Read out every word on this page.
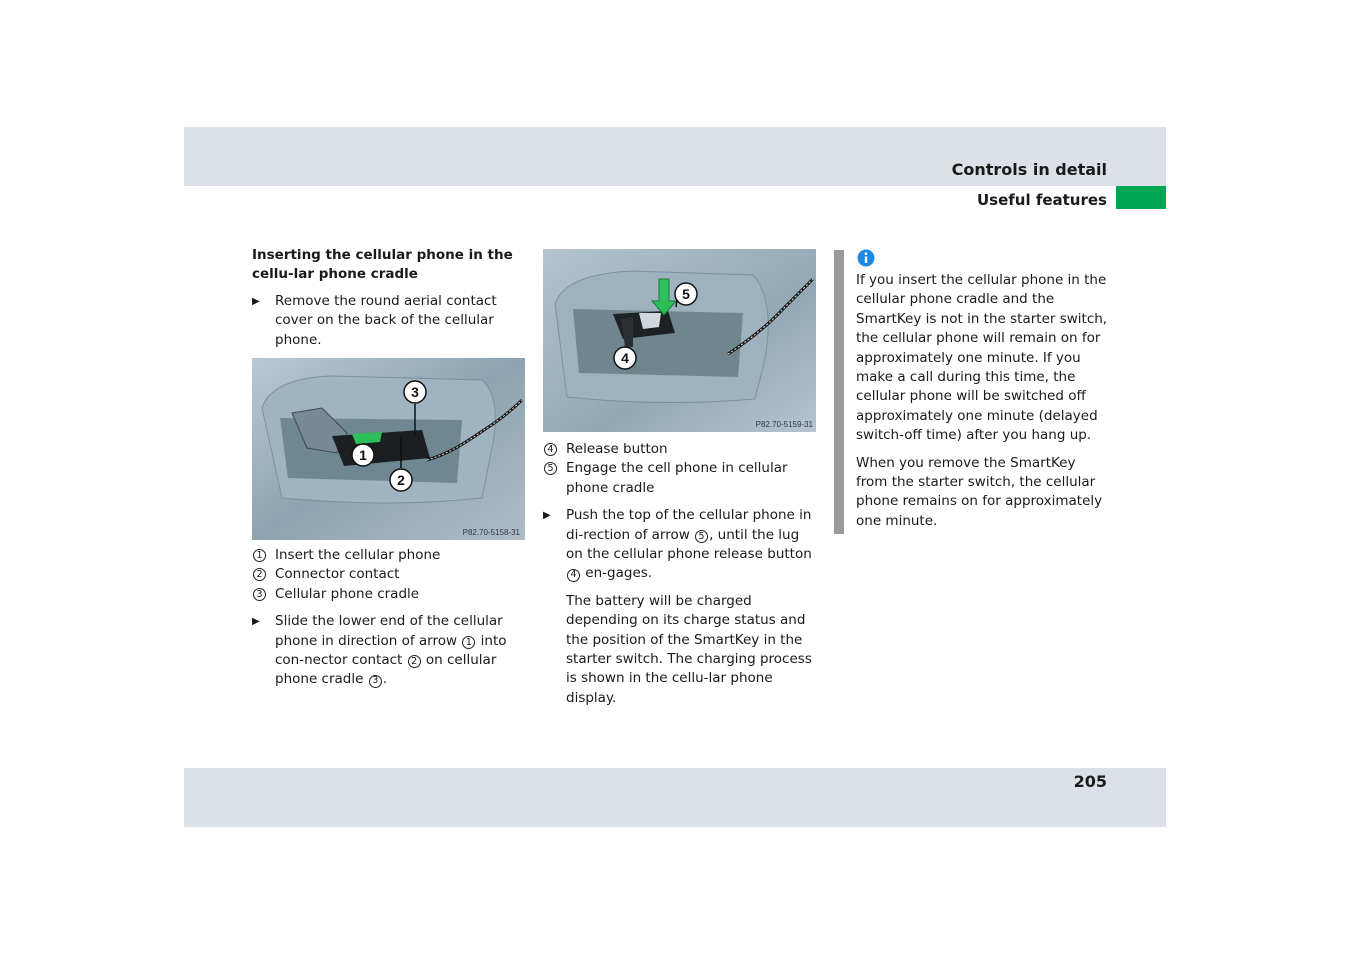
Controls in detail
Useful features
205
Inserting the cellular phone in the cellu-lar phone cradle
▶ Remove the round aerial contact cover on the back of the cellular phone.
1
2
3
P82.70-5158-31
1 Insert the cellular phone
2 Connector contact
3 Cellular phone cradle
▶ Slide the lower end of the cellular phone in direction of arrow 1 into con-nector contact 2 on cellular phone cradle 3 .
4
5
P82.70-5159-31
4 Release button
5 Engage the cell phone in cellular phone cradle
▶ Push the top of the cellular phone in di-rection of arrow 5 , until the lug on the cellular phone release button 4 en-gages.
The battery will be charged depending on its charge status and the position of the SmartKey in the starter switch. The charging process is shown in the cellu-lar phone display.
If you insert the cellular phone in the cellular phone cradle and the SmartKey is not in the starter switch, the cellular phone will remain on for approximately one minute. If you make a call during this time, the cellular phone will be switched off approximately one minute (delayed switch-off time) after you hang up.
When you remove the SmartKey from the starter switch, the cellular phone remains on for approximately one minute.
